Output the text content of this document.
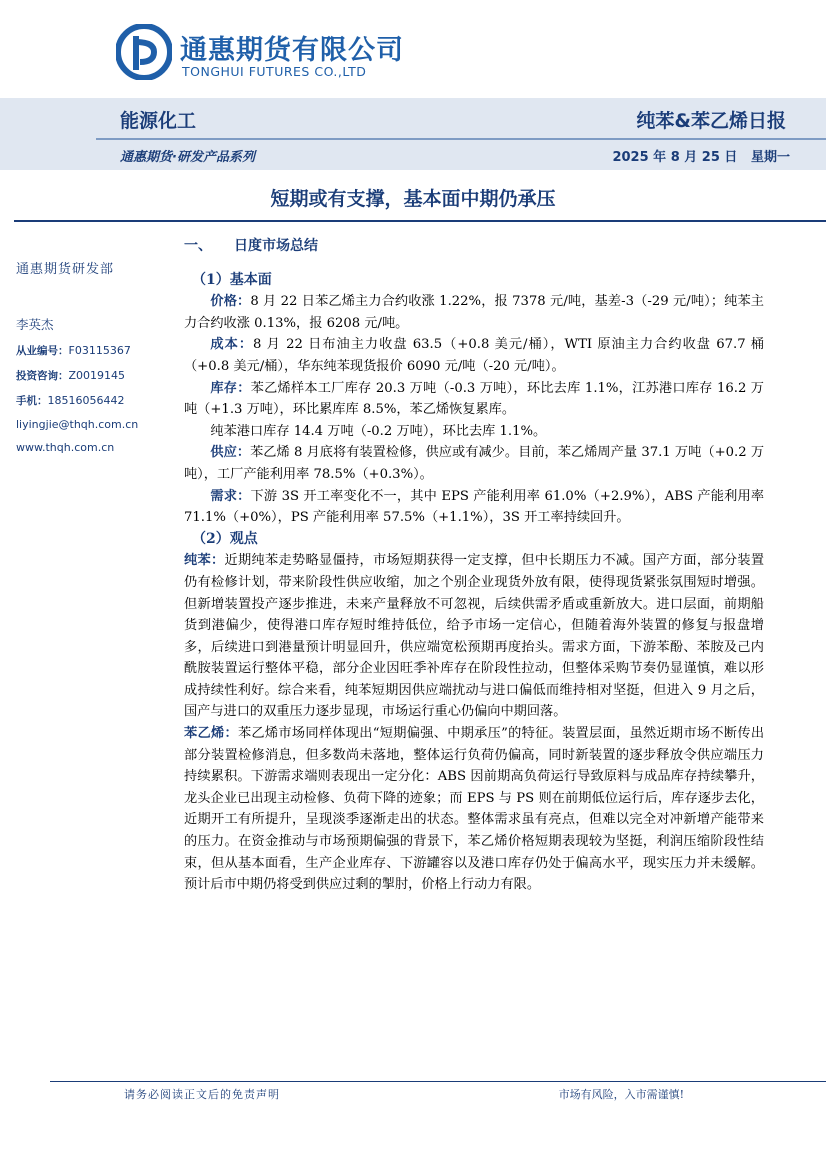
通惠期货有限公司
TONGHUI FUTURES CO.,LTD
能源化工	纯苯&苯乙烯日报
通惠期货·研发产品系列	2025 年 8 月 25 日   星期一
短期或有支撑，基本面中期仍承压
通惠期货研发部
李英杰
从业编号：F03115367
投资咨询：Z0019145
手机：18516056442
liyingjie@thqh.com.cn
www.thqh.com.cn
一、 日度市场总结
（1）基本面

价格：8 月 22 日苯乙烯主力合约收涨 1.22%，报 7378 元/吨，基差-3（-29 元/吨）；纯苯主力合约收涨 0.13%，报 6208 元/吨。

成本：8 月 22 日布油主力收盘 63.5（+0.8 美元/桶），WTI 原油主力合约收盘 67.7 桶（+0.8 美元/桶），华东纯苯现货报价 6090 元/吨（-20 元/吨）。

库存：苯乙烯样本工厂库存 20.3 万吨（-0.3 万吨），环比去库 1.1%，江苏港口库存 16.2 万吨（+1.3 万吨），环比累库库 8.5%，苯乙烯恢复累库。

纯苯港口库存 14.4 万吨（-0.2 万吨），环比去库 1.1%。

供应：苯乙烯 8 月底将有装置检修，供应或有减少。目前，苯乙烯周产量 37.1 万吨（+0.2 万吨），工厂产能利用率 78.5%（+0.3%）。

需求：下游 3S 开工率变化不一，其中 EPS 产能利用率 61.0%（+2.9%），ABS 产能利用率 71.1%（+0%），PS 产能利用率 57.5%（+1.1%），3S 开工率持续回升。

（2）观点

纯苯：近期纯苯走势略显僵持，市场短期获得一定支撑，但中长期压力不减。国产方面，部分装置仍有检修计划，带来阶段性供应收缩，加之个别企业现货外放有限，使得现货紧张氛围短时增强。但新增装置投产逐步推进，未来产量释放不可忽视，后续供需矛盾或重新放大。进口层面，前期船货到港偏少，使得港口库存短时维持低位，给予市场一定信心，但随着海外装置的修复与报盘增多，后续进口到港量预计明显回升，供应端宽松预期再度抬头。需求方面，下游苯酚、苯胺及己内酰胺装置运行整体平稳，部分企业因旺季补库存在阶段性拉动，但整体采购节奏仍显谨慎，难以形成持续性利好。综合来看，纯苯短期因供应端扰动与进口偏低而维持相对坚挺，但进入 9 月之后，国产与进口的双重压力逐步显现，市场运行重心仍偏向中期回落。

苯乙烯：苯乙烯市场同样体现出“短期偏强、中期承压”的特征。装置层面，虽然近期市场不断传出部分装置检修消息，但多数尚未落地，整体运行负荷仍偏高，同时新装置的逐步释放令供应端压力持续累积。下游需求端则表现出一定分化：ABS 因前期高负荷运行导致原料与成品库存持续攀升，龙头企业已出现主动检修、负荷下降的迹象；而 EPS 与 PS 则在前期低位运行后，库存逐步去化，近期开工有所提升，呈现淡季逐渐走出的状态。整体需求虽有亮点，但难以完全对冲新增产能带来的压力。在资金推动与市场预期偏强的背景下，苯乙烯价格短期表现较为坚挺，利润压缩阶段性结束，但从基本面看，生产企业库存、下游罐容以及港口库存仍处于偏高水平，现实压力并未缓解。预计后市中期仍将受到供应过剩的掣肘，价格上行动力有限。

请务必阅读正文后的免责声明	市场有风险，入市需谨慎!
